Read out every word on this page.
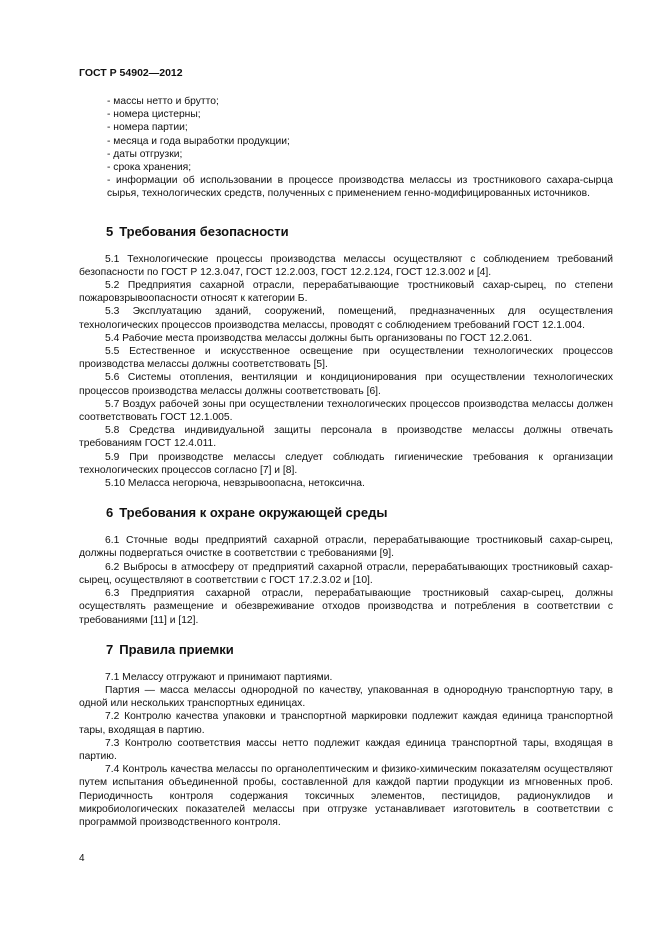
ГОСТ Р 54902—2012
- массы нетто и брутто;
- номера цистерны;
- номера партии;
- месяца и года выработки продукции;
- даты отгрузки;
- срока хранения;
- информации об использовании в процессе производства мелассы из тростникового сахара-сырца сырья, технологических средств, полученных с применением генно-модифицированных источников.
5 Требования безопасности
5.1 Технологические процессы производства мелассы осуществляют с соблюдением требований безопасности по ГОСТ Р 12.3.047, ГОСТ 12.2.003, ГОСТ 12.2.124, ГОСТ 12.3.002 и [4].
5.2 Предприятия сахарной отрасли, перерабатывающие тростниковый сахар-сырец, по степени пожаровзрывоопасности относят к категории Б.
5.3 Эксплуатацию зданий, сооружений, помещений, предназначенных для осуществления технологических процессов производства мелассы, проводят с соблюдением требований ГОСТ 12.1.004.
5.4 Рабочие места производства мелассы должны быть организованы по ГОСТ 12.2.061.
5.5 Естественное и искусственное освещение при осуществлении технологических процессов производства мелассы должны соответствовать [5].
5.6 Системы отопления, вентиляции и кондиционирования при осуществлении технологических процессов производства мелассы должны соответствовать [6].
5.7 Воздух рабочей зоны при осуществлении технологических процессов производства мелассы должен соответствовать ГОСТ 12.1.005.
5.8 Средства индивидуальной защиты персонала в производстве мелассы должны отвечать требованиям ГОСТ 12.4.011.
5.9 При производстве мелассы следует соблюдать гигиенические требования к организации технологических процессов согласно [7] и [8].
5.10 Меласса негорюча, невзрывоопасна, нетоксична.
6 Требования к охране окружающей среды
6.1 Сточные воды предприятий сахарной отрасли, перерабатывающие тростниковый сахар-сырец, должны подвергаться очистке в соответствии с требованиями [9].
6.2 Выбросы в атмосферу от предприятий сахарной отрасли, перерабатывающих тростниковый сахар-сырец, осуществляют в соответствии с ГОСТ 17.2.3.02 и [10].
6.3 Предприятия сахарной отрасли, перерабатывающие тростниковый сахар-сырец, должны осуществлять размещение и обезвреживание отходов производства и потребления в соответствии с требованиями [11] и [12].
7 Правила приемки
7.1 Мелассу отгружают и принимают партиями.
Партия — масса мелассы однородной по качеству, упакованная в однородную транспортную тару, в одной или нескольких транспортных единицах.
7.2 Контролю качества упаковки и транспортной маркировки подлежит каждая единица транспортной тары, входящая в партию.
7.3 Контролю соответствия массы нетто подлежит каждая единица транспортной тары, входящая в партию.
7.4 Контроль качества мелассы по органолептическим и физико-химическим показателям осуществляют путем испытания объединенной пробы, составленной для каждой партии продукции из мгновенных проб. Периодичность контроля содержания токсичных элементов, пестицидов, радионуклидов и микробиологических показателей мелассы при отгрузке устанавливает изготовитель в соответствии с программой производственного контроля.
4
